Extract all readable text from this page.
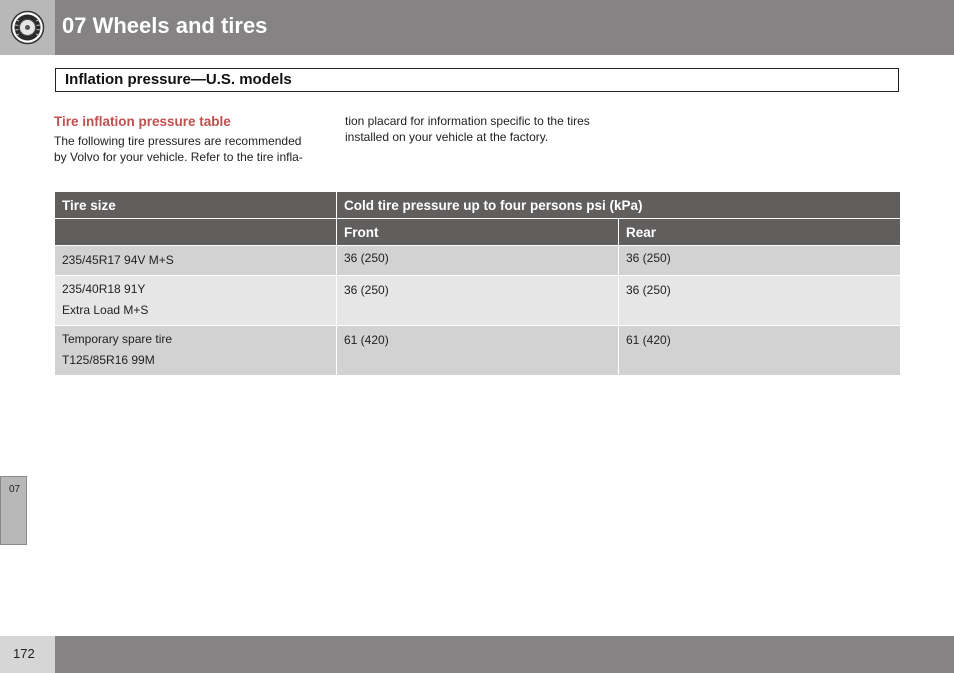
07 Wheels and tires
Inflation pressure—U.S. models
Tire inflation pressure table
The following tire pressures are recommended
by Volvo for your vehicle. Refer to the tire infla-
tion placard for information specific to the tires
installed on your vehicle at the factory.
Tire size	Cold tire pressure up to four persons psi (kPa)	
	Front	Rear

235/45R17 94V M+S	36 (250)	36 (250)

235/40R18 91Y
Extra Load M+S	36 (250)	36 (250)

Temporary spare tire
T125/85R16 99M	61 (420)	61 (420)
07
172
